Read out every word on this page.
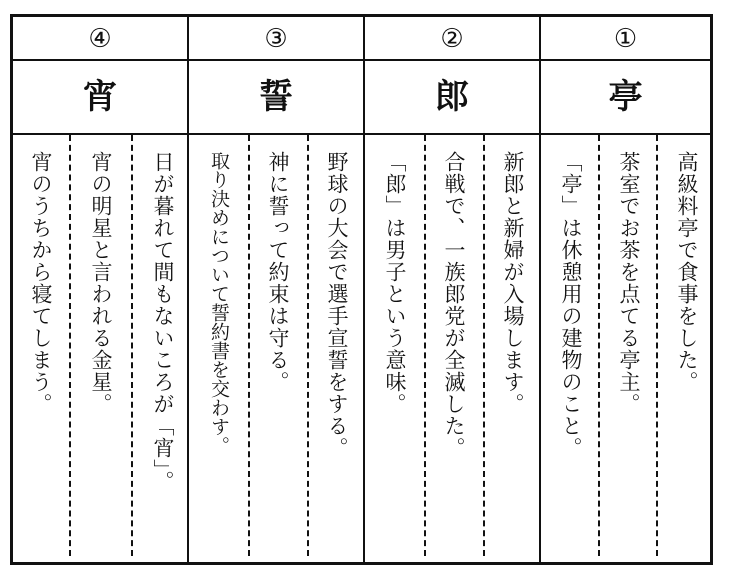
④
宵
日が暮れて間もないころが「宵」。
宵の明星と言われる金星。
宵のうちから寝てしまう。
③
誓
野球の大会で選手宣誓をする。
神に誓って約束は守る。
取り決めについて誓約書を交わす。
②
郎
新郎と新婦が入場します。
合戦で、一族郎党が全滅した。
「郎」は男子という意味。
①
亭
高級料亭で食事をした。
茶室でお茶を点てる亭主。
「亭」は休憩用の建物のこと。
